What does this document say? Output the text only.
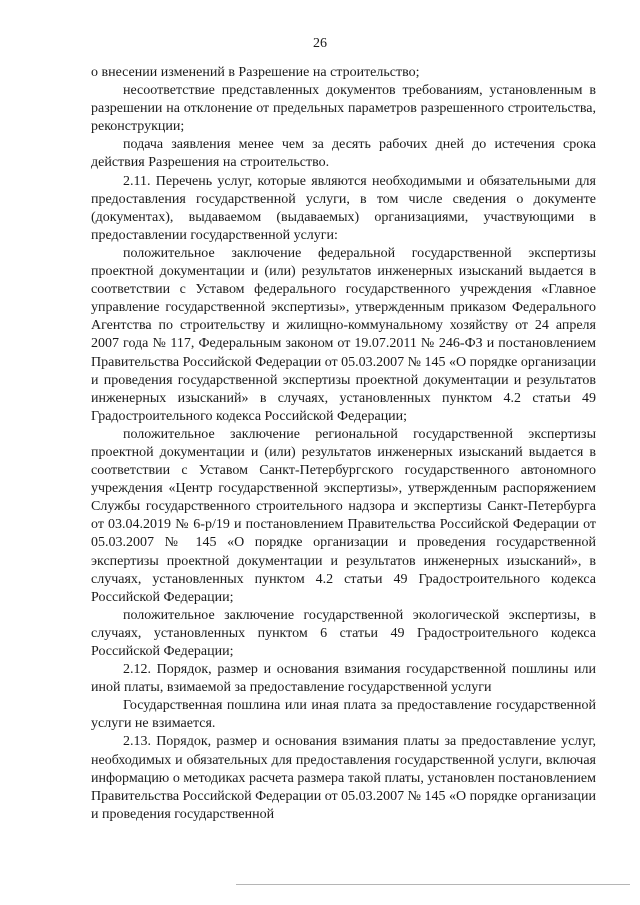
26

о внесении изменений в Разрешение на строительство;

несоответствие представленных документов требованиям, установленным в разрешении на отклонение от предельных параметров разрешенного строительства, реконструкции;

подача заявления менее чем за десять рабочих дней до истечения срока действия Разрешения на строительство.

2.11. Перечень услуг, которые являются необходимыми и обязательными для предоставления государственной услуги, в том числе сведения о документе (документах), выдаваемом (выдаваемых) организациями, участвующими в предоставлении государственной услуги:

положительное заключение федеральной государственной экспертизы проектной документации и (или) результатов инженерных изысканий выдается в соответствии с Уставом федерального государственного учреждения «Главное управление государственной экспертизы», утвержденным приказом Федерального Агентства по строительству и жилищно-коммунальному хозяйству от 24 апреля 2007 года № 117, Федеральным законом от 19.07.2011 № 246-ФЗ и постановлением Правительства Российской Федерации от 05.03.2007 № 145 «О порядке организации и проведения государственной экспертизы проектной документации и результатов инженерных изысканий» в случаях, установленных пунктом 4.2 статьи 49 Градостроительного кодекса Российской Федерации;

положительное заключение региональной государственной экспертизы проектной документации и (или) результатов инженерных изысканий выдается в соответствии с Уставом Санкт-Петербургского государственного автономного учреждения «Центр государственной экспертизы», утвержденным распоряжением Службы государственного строительного надзора и экспертизы Санкт-Петербурга от 03.04.2019 № 6-р/19 и постановлением Правительства Российской Федерации от 05.03.2007 № 145 «О порядке организации и проведения государственной экспертизы проектной документации и результатов инженерных изысканий», в случаях, установленных пунктом 4.2 статьи 49 Градостроительного кодекса Российской Федерации;

положительное заключение государственной экологической экспертизы, в случаях, установленных пунктом 6 статьи 49 Градостроительного кодекса Российской Федерации;

2.12. Порядок, размер и основания взимания государственной пошлины или иной платы, взимаемой за предоставление государственной услуги

Государственная пошлина или иная плата за предоставление государственной услуги не взимается.

2.13. Порядок, размер и основания взимания платы за предоставление услуг, необходимых и обязательных для предоставления государственной услуги, включая информацию о методиках расчета размера такой платы, установлен постановлением Правительства Российской Федерации от 05.03.2007 № 145 «О порядке организации и проведения государственной
